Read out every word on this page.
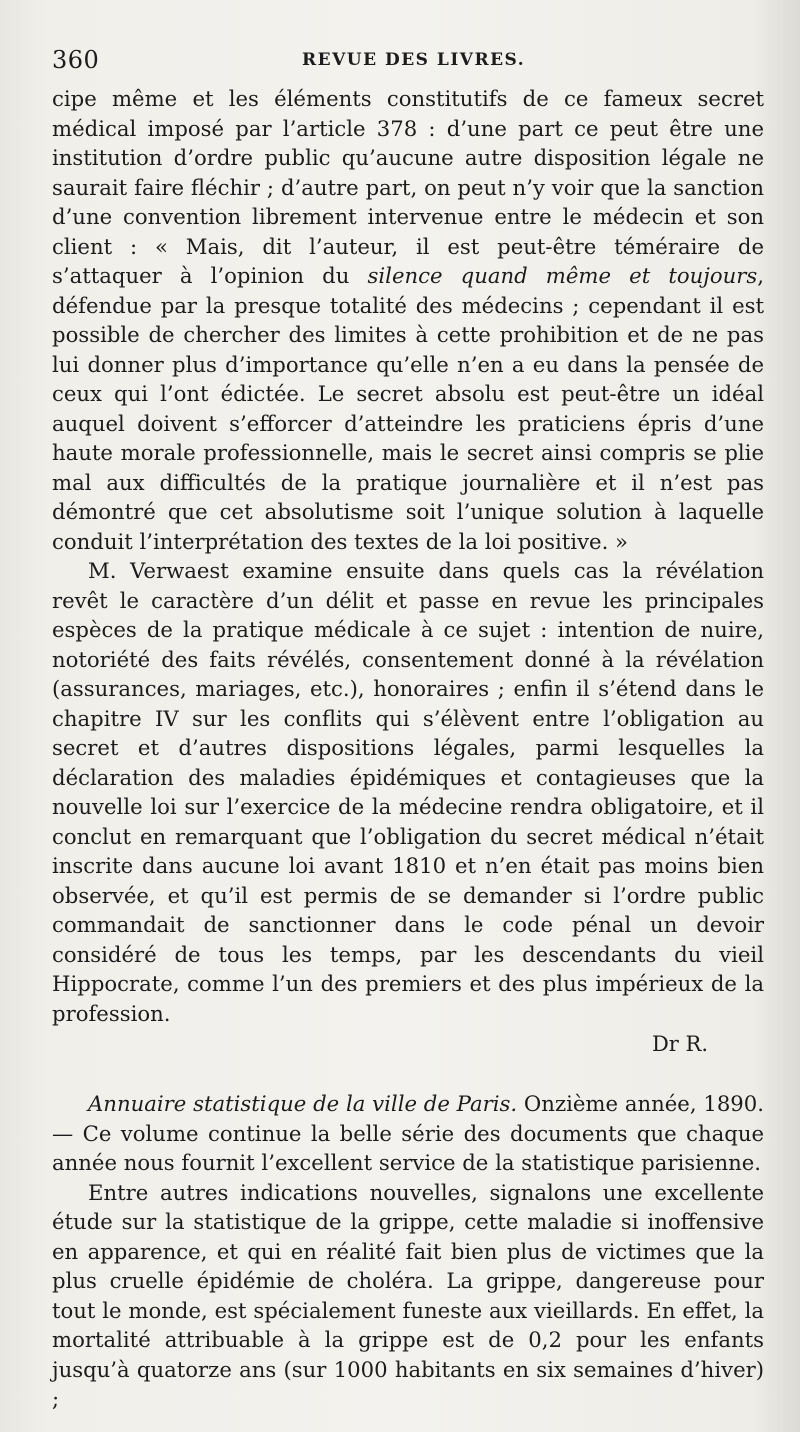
360	REVUE DES LIVRES.

cipe même et les éléments constitutifs de ce fameux secret médical imposé par l’article 378 : d’une part ce peut être une institution d’ordre public qu’aucune autre disposition légale ne saurait faire fléchir ; d’autre part, on peut n’y voir que la sanction d’une convention librement intervenue entre le médecin et son client : « Mais, dit l’auteur, il est peut-être téméraire de s’attaquer à l’opinion du silence quand même et toujours, défendue par la presque totalité des médecins ; cependant il est possible de chercher des limites à cette prohibition et de ne pas lui donner plus d’importance qu’elle n’en a eu dans la pensée de ceux qui l’ont édictée. Le secret absolu est peut-être un idéal auquel doivent s’efforcer d’atteindre les praticiens épris d’une haute morale professionnelle, mais le secret ainsi compris se plie mal aux difficultés de la pratique journalière et il n’est pas démontré que cet absolutisme soit l’unique solution à laquelle conduit l’interprétation des textes de la loi positive. »

M. Verwaest examine ensuite dans quels cas la révélation revêt le caractère d’un délit et passe en revue les principales espèces de la pratique médicale à ce sujet : intention de nuire, notoriété des faits révélés, consentement donné à la révélation (assurances, mariages, etc.), honoraires ; enfin il s’étend dans le chapitre IV sur les conflits qui s’élèvent entre l’obligation au secret et d’autres dispositions légales, parmi lesquelles la déclaration des maladies épidémiques et contagieuses que la nouvelle loi sur l’exercice de la médecine rendra obligatoire, et il conclut en remarquant que l’obligation du secret médical n’était inscrite dans aucune loi avant 1810 et n’en était pas moins bien observée, et qu’il est permis de se demander si l’ordre public commandait de sanctionner dans le code pénal un devoir considéré de tous les temps, par les descendants du vieil Hippocrate, comme l’un des premiers et des plus impérieux de la profession.

Dr R.

Annuaire statistique de la ville de Paris. Onzième année, 1890. — Ce volume continue la belle série des documents que chaque année nous fournit l’excellent service de la statistique parisienne.

Entre autres indications nouvelles, signalons une excellente étude sur la statistique de la grippe, cette maladie si inoffensive en apparence, et qui en réalité fait bien plus de victimes que la plus cruelle épidémie de choléra. La grippe, dangereuse pour tout le monde, est spécialement funeste aux vieillards. En effet, la mortalité attribuable à la grippe est de 0,2 pour les enfants jusqu’à quatorze ans (sur 1000 habitants en six semaines d’hiver) ;
